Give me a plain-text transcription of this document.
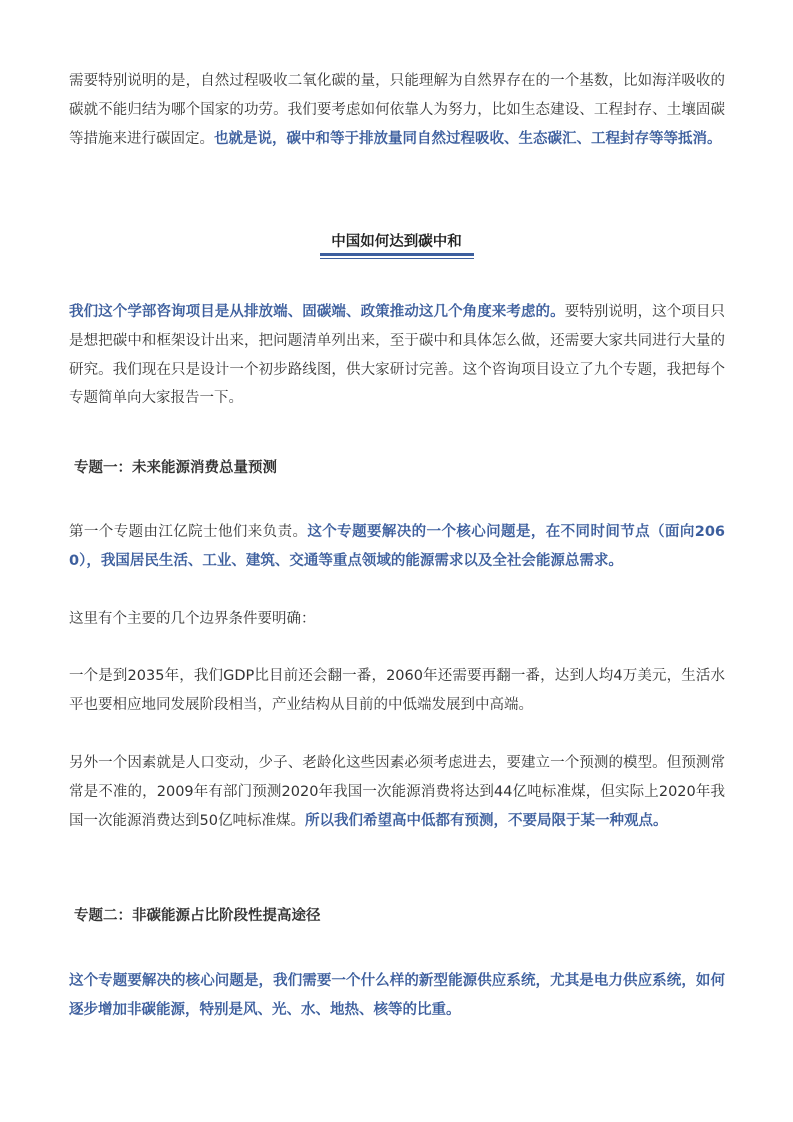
需要特别说明的是，自然过程吸收二氧化碳的量，只能理解为自然界存在的一个基数，比如海洋吸收的碳就不能归结为哪个国家的功劳。我们要考虑如何依靠人为努力，比如生态建设、工程封存、土壤固碳等措施来进行碳固定。也就是说，碳中和等于排放量同自然过程吸收、生态碳汇、工程封存等等抵消。

中国如何达到碳中和

我们这个学部咨询项目是从排放端、固碳端、政策推动这几个角度来考虑的。要特别说明，这个项目只是想把碳中和框架设计出来，把问题清单列出来，至于碳中和具体怎么做，还需要大家共同进行大量的研究。我们现在只是设计一个初步路线图，供大家研讨完善。这个咨询项目设立了九个专题，我把每个专题简单向大家报告一下。

专题一：未来能源消费总量预测

第一个专题由江亿院士他们来负责。这个专题要解决的一个核心问题是，在不同时间节点（面向2060），我国居民生活、工业、建筑、交通等重点领域的能源需求以及全社会能源总需求。

这里有个主要的几个边界条件要明确：

一个是到2035年，我们GDP比目前还会翻一番，2060年还需要再翻一番，达到人均4万美元，生活水平也要相应地同发展阶段相当，产业结构从目前的中低端发展到中高端。

另外一个因素就是人口变动，少子、老龄化这些因素必须考虑进去，要建立一个预测的模型。但预测常常是不准的，2009年有部门预测2020年我国一次能源消费将达到44亿吨标准煤，但实际上2020年我国一次能源消费达到50亿吨标准煤。所以我们希望高中低都有预测，不要局限于某一种观点。

专题二：非碳能源占比阶段性提高途径

这个专题要解决的核心问题是，我们需要一个什么样的新型能源供应系统，尤其是电力供应系统，如何逐步增加非碳能源，特别是风、光、水、地热、核等的比重。
